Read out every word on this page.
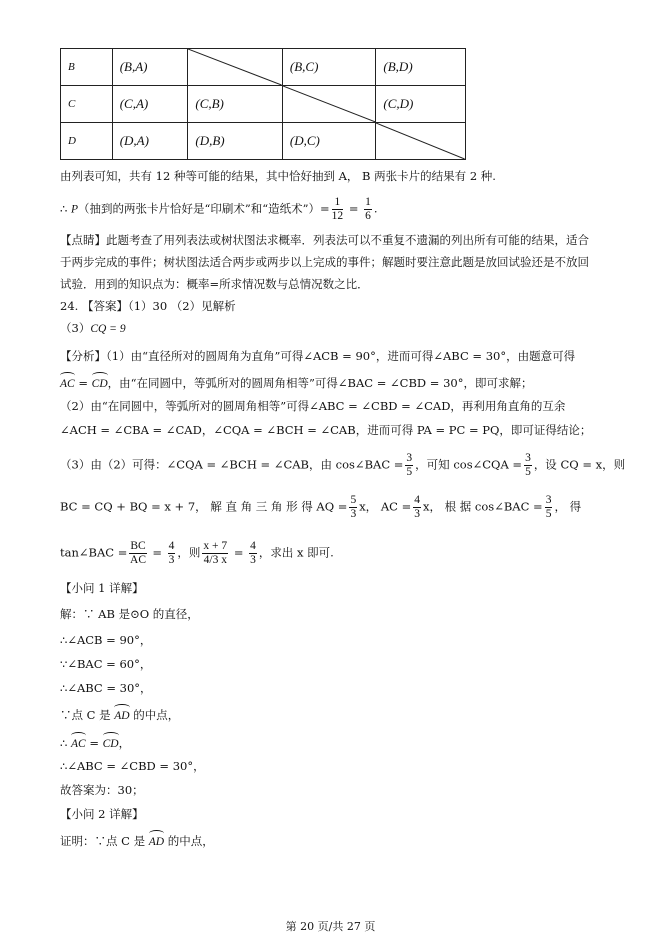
B	(B,A)		(B,C)	(B,D)
C	(C,A)	(C,B)		(C,D)
D	(D,A)	(D,B)	(D,C)	
由列表可知，共有 12 种等可能的结果，其中恰好抽到 A， B 两张卡片的结果有 2 种.
∴ P（抽到的两张卡片恰好是“印刷术”和“造纸术”）= $\frac{1}{12} = \frac{1}{6}$ .
【点睛】此题考查了用列表法或树状图法求概率．列表法可以不重复不遗漏的列出所有可能的结果，适合
于两步完成的事件；树状图法适合两步或两步以上完成的事件；解题时要注意此题是放回试验还是不放回
试验．用到的知识点为：概率=所求情况数与总情况数之比．
24. 【答案】（1）30 （2）见解析
（3）CQ = 9
【分析】（1）由“直径所对的圆周角为直角”可得∠ACB = 90°，进而可得∠ABC = 30°，由题意可得
AC = CD，由“在同圆中，等弧所对的圆周角相等”可得∠BAC = ∠CBD = 30°，即可求解；
（2）由“在同圆中，等弧所对的圆周角相等”可得∠ABC = ∠CBD = ∠CAD，再利用角直角的互余
∠ACH = ∠CBA = ∠CAD，∠CQA = ∠BCH = ∠CAB，进而可得 PA = PC = PQ，即可证得结论；
（3）由（2）可得：∠CQA = ∠BCH = ∠CAB，由 cos∠BAC = $\frac{3}{5}$ ，可知 cos∠CQA = $\frac{3}{5}$ ，设 CQ = x，则
BC = CQ + BQ = x + 7， 解 直 角 三 角 形 得 AQ = $\frac{5}{3}$ x， AC = $\frac{4}{3}$ x， 根 据 cos∠BAC = $\frac{3}{5}$ ， 得
tan∠BAC = $\frac{BC}{AC} = \frac{4}{3}$ ，则 $\frac{x + 7}{4/3 x} = \frac{4}{3}$ ，求出 x 即可.
【小问 1 详解】
解：∵ AB 是⊙O 的直径，
∴∠ACB = 90°，
∵∠BAC = 60°，
∴∠ABC = 30°，
∵点 C 是 AD 的中点，
∴ AC = CD，
∴∠ABC = ∠CBD = 30°，
故答案为：30；
【小问 2 详解】
证明：∵点 C 是 AD 的中点，
第 20 页/共 27 页
